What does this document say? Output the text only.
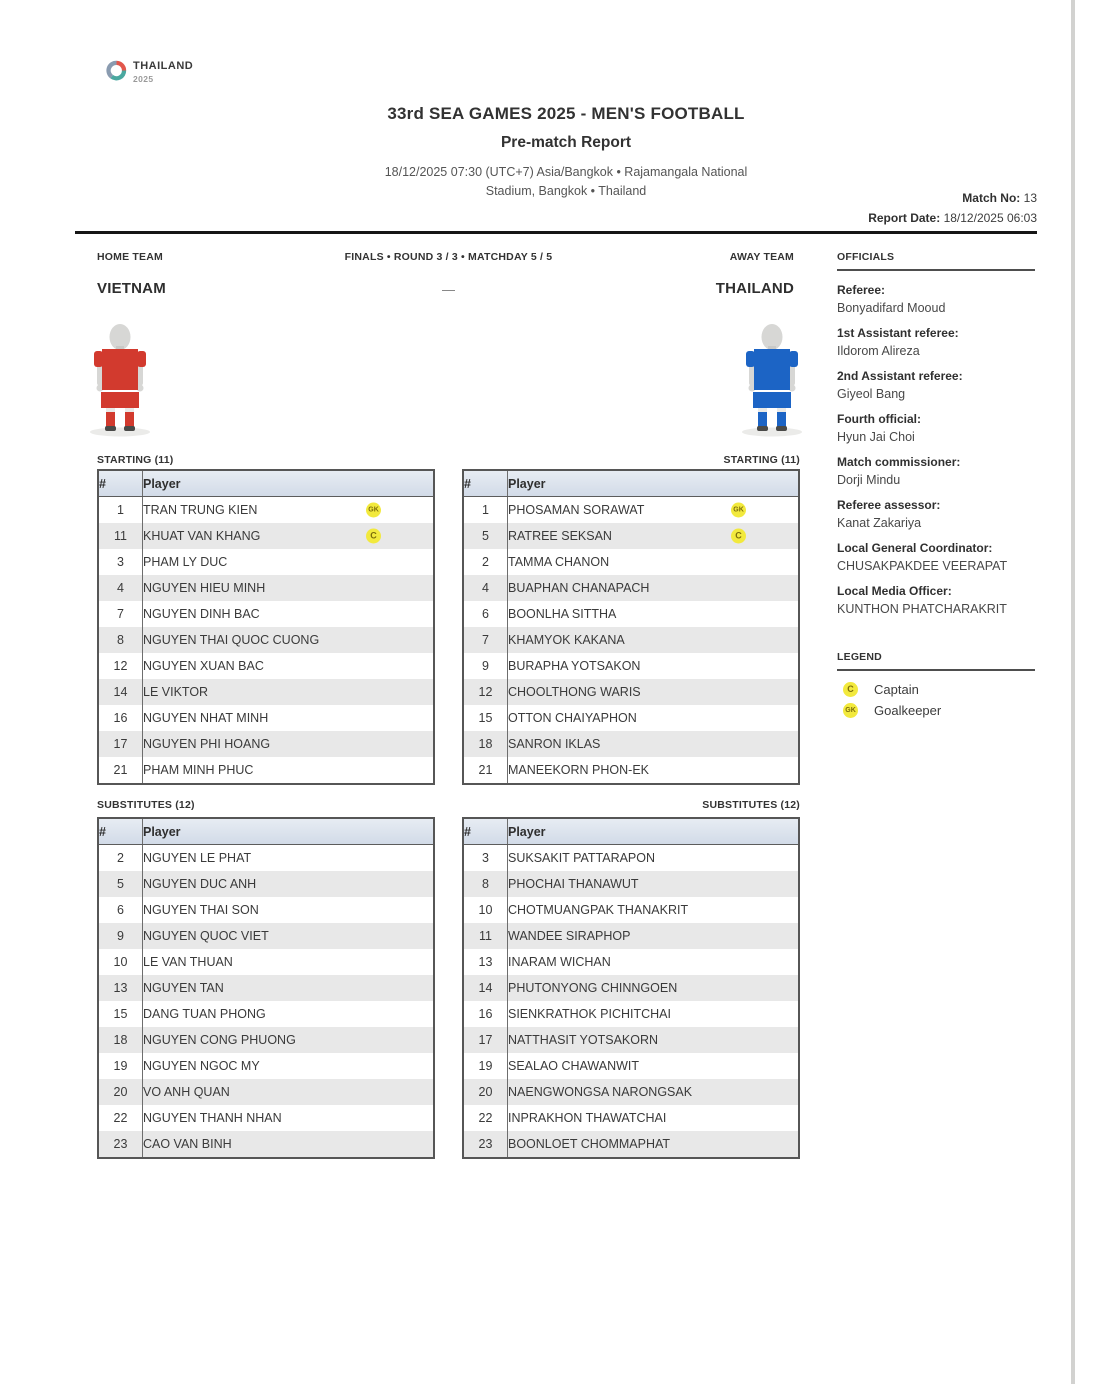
THAILAND
2025
33rd SEA GAMES 2025 - MEN'S FOOTBALL
Pre-match Report
18/12/2025 07:30 (UTC+7) Asia/Bangkok • Rajamangala National
Stadium, Bangkok • Thailand	Match No: 13
Report Date: 18/12/2025 06:03
HOME TEAM	FINALS • ROUND 3 / 3 • MATCHDAY 5 / 5	AWAY TEAM
VIETNAM	—	THAILAND
OFFICIALS
Referee:
Bonyadifard Mooud
1st Assistant referee:
Ildorom Alireza
2nd Assistant referee:
Giyeol Bang
Fourth official:
Hyun Jai Choi
Match commissioner:
Dorji Mindu
Referee assessor:
Kanat Zakariya
Local General Coordinator:
CHUSAKPAKDEE VEERAPAT
Local Media Officer:
KUNTHON PHATCHARAKRIT
LEGEND
C	Captain
GK Goalkeeper
STARTING (11)	STARTING (11)
SUBSTITUTES (12)	SUBSTITUTES (12)
#	Player
1	TRAN TRUNG KIEN GK

11	KHUAT VAN KHANG C

3	PHAM LY DUC
4	NGUYEN HIEU MINH
7	NGUYEN DINH BAC
8	NGUYEN THAI QUOC CUONG
12	NGUYEN XUAN BAC
14	LE VIKTOR
16	NGUYEN NHAT MINH
17	NGUYEN PHI HOANG
21	PHAM MINH PHUC
#	Player
1	PHOSAMAN SORAWAT GK

5	RATREE SEKSAN C

2	TAMMA CHANON
4	BUAPHAN CHANAPACH
6	BOONLHA SITTHA
7	KHAMYOK KAKANA
9	BURAPHA YOTSAKON
12	CHOOLTHONG WARIS
15	OTTON CHAIYAPHON
18	SANRON IKLAS
21	MANEEKORN PHON-EK
#	Player
2	NGUYEN LE PHAT
5	NGUYEN DUC ANH
6	NGUYEN THAI SON
9	NGUYEN QUOC VIET
10	LE VAN THUAN
13	NGUYEN TAN
15	DANG TUAN PHONG
18	NGUYEN CONG PHUONG
19	NGUYEN NGOC MY
20	VO ANH QUAN
22	NGUYEN THANH NHAN
23	CAO VAN BINH
#	Player
3	SUKSAKIT PATTARAPON
8	PHOCHAI THANAWUT
10	CHOTMUANGPAK THANAKRIT
11	WANDEE SIRAPHOP
13	INARAM WICHAN
14	PHUTONYONG CHINNGOEN
16	SIENKRATHOK PICHITCHAI
17	NATTHASIT YOTSAKORN
19	SEALAO CHAWANWIT
20	NAENGWONGSA NARONGSAK
22	INPRAKHON THAWATCHAI
23	BOONLOET CHOMMAPHAT
